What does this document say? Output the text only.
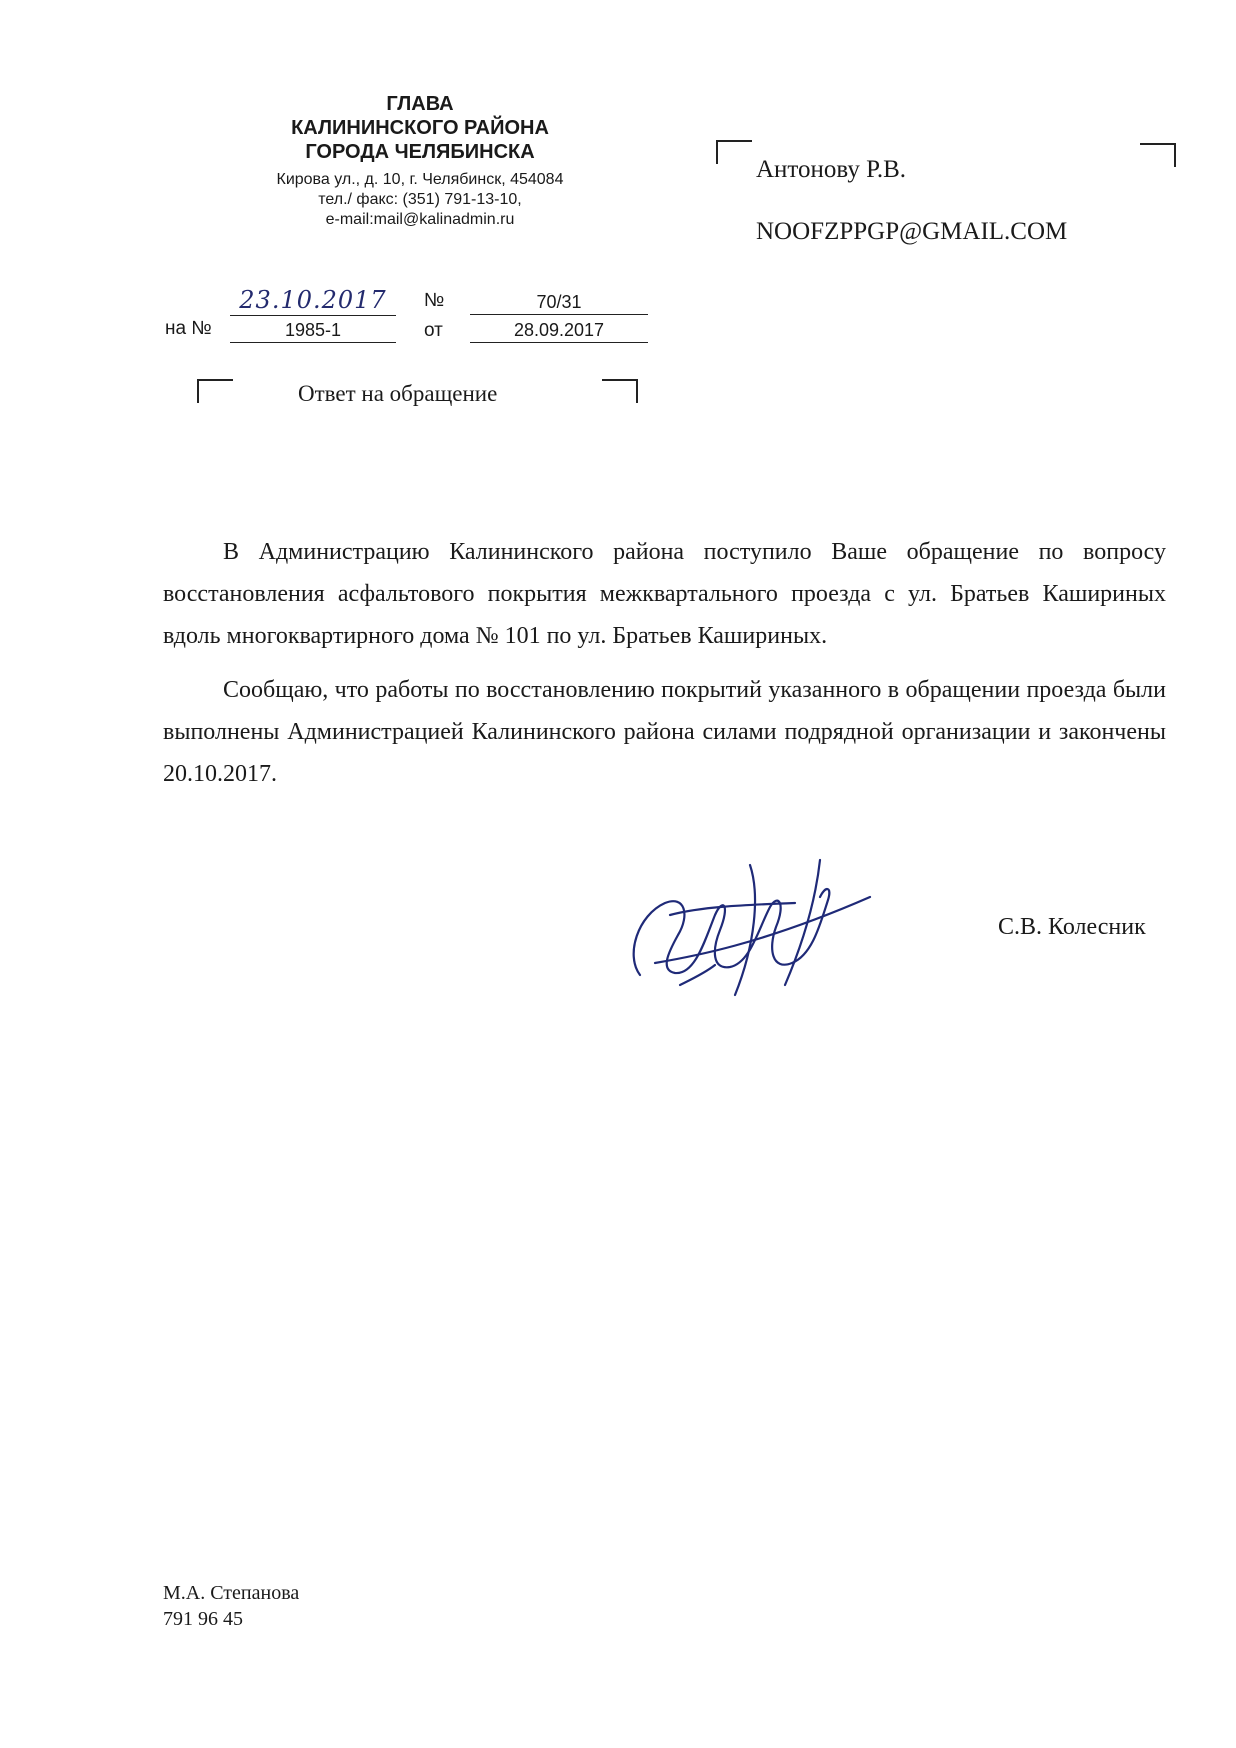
ГЛАВА
КАЛИНИНСКОГО РАЙОНА
ГОРОДА ЧЕЛЯБИНСКА
Кирова ул., д. 10, г. Челябинск, 454084
тел./ факс: (351) 791-13-10,
e-mail:mail@kalinadmin.ru
Антонову Р.В.
NOOFZPPGP@GMAIL.COM
23.10.2017	№	70/31
на №	1985-1	от	28.09.2017
Ответ на обращение

В Администрацию Калининского района поступило Ваше обращение по вопросу восстановления асфальтового покрытия межквартального проезда с ул. Братьев Кашириных вдоль многоквартирного дома № 101 по ул. Братьев Кашириных.

Сообщаю, что работы по восстановлению покрытий указанного в обращении проезда были выполнены Администрацией Калининского района силами подрядной организации и закончены 20.10.2017.

С.В. Колесник
М.А. Степанова
791 96 45
